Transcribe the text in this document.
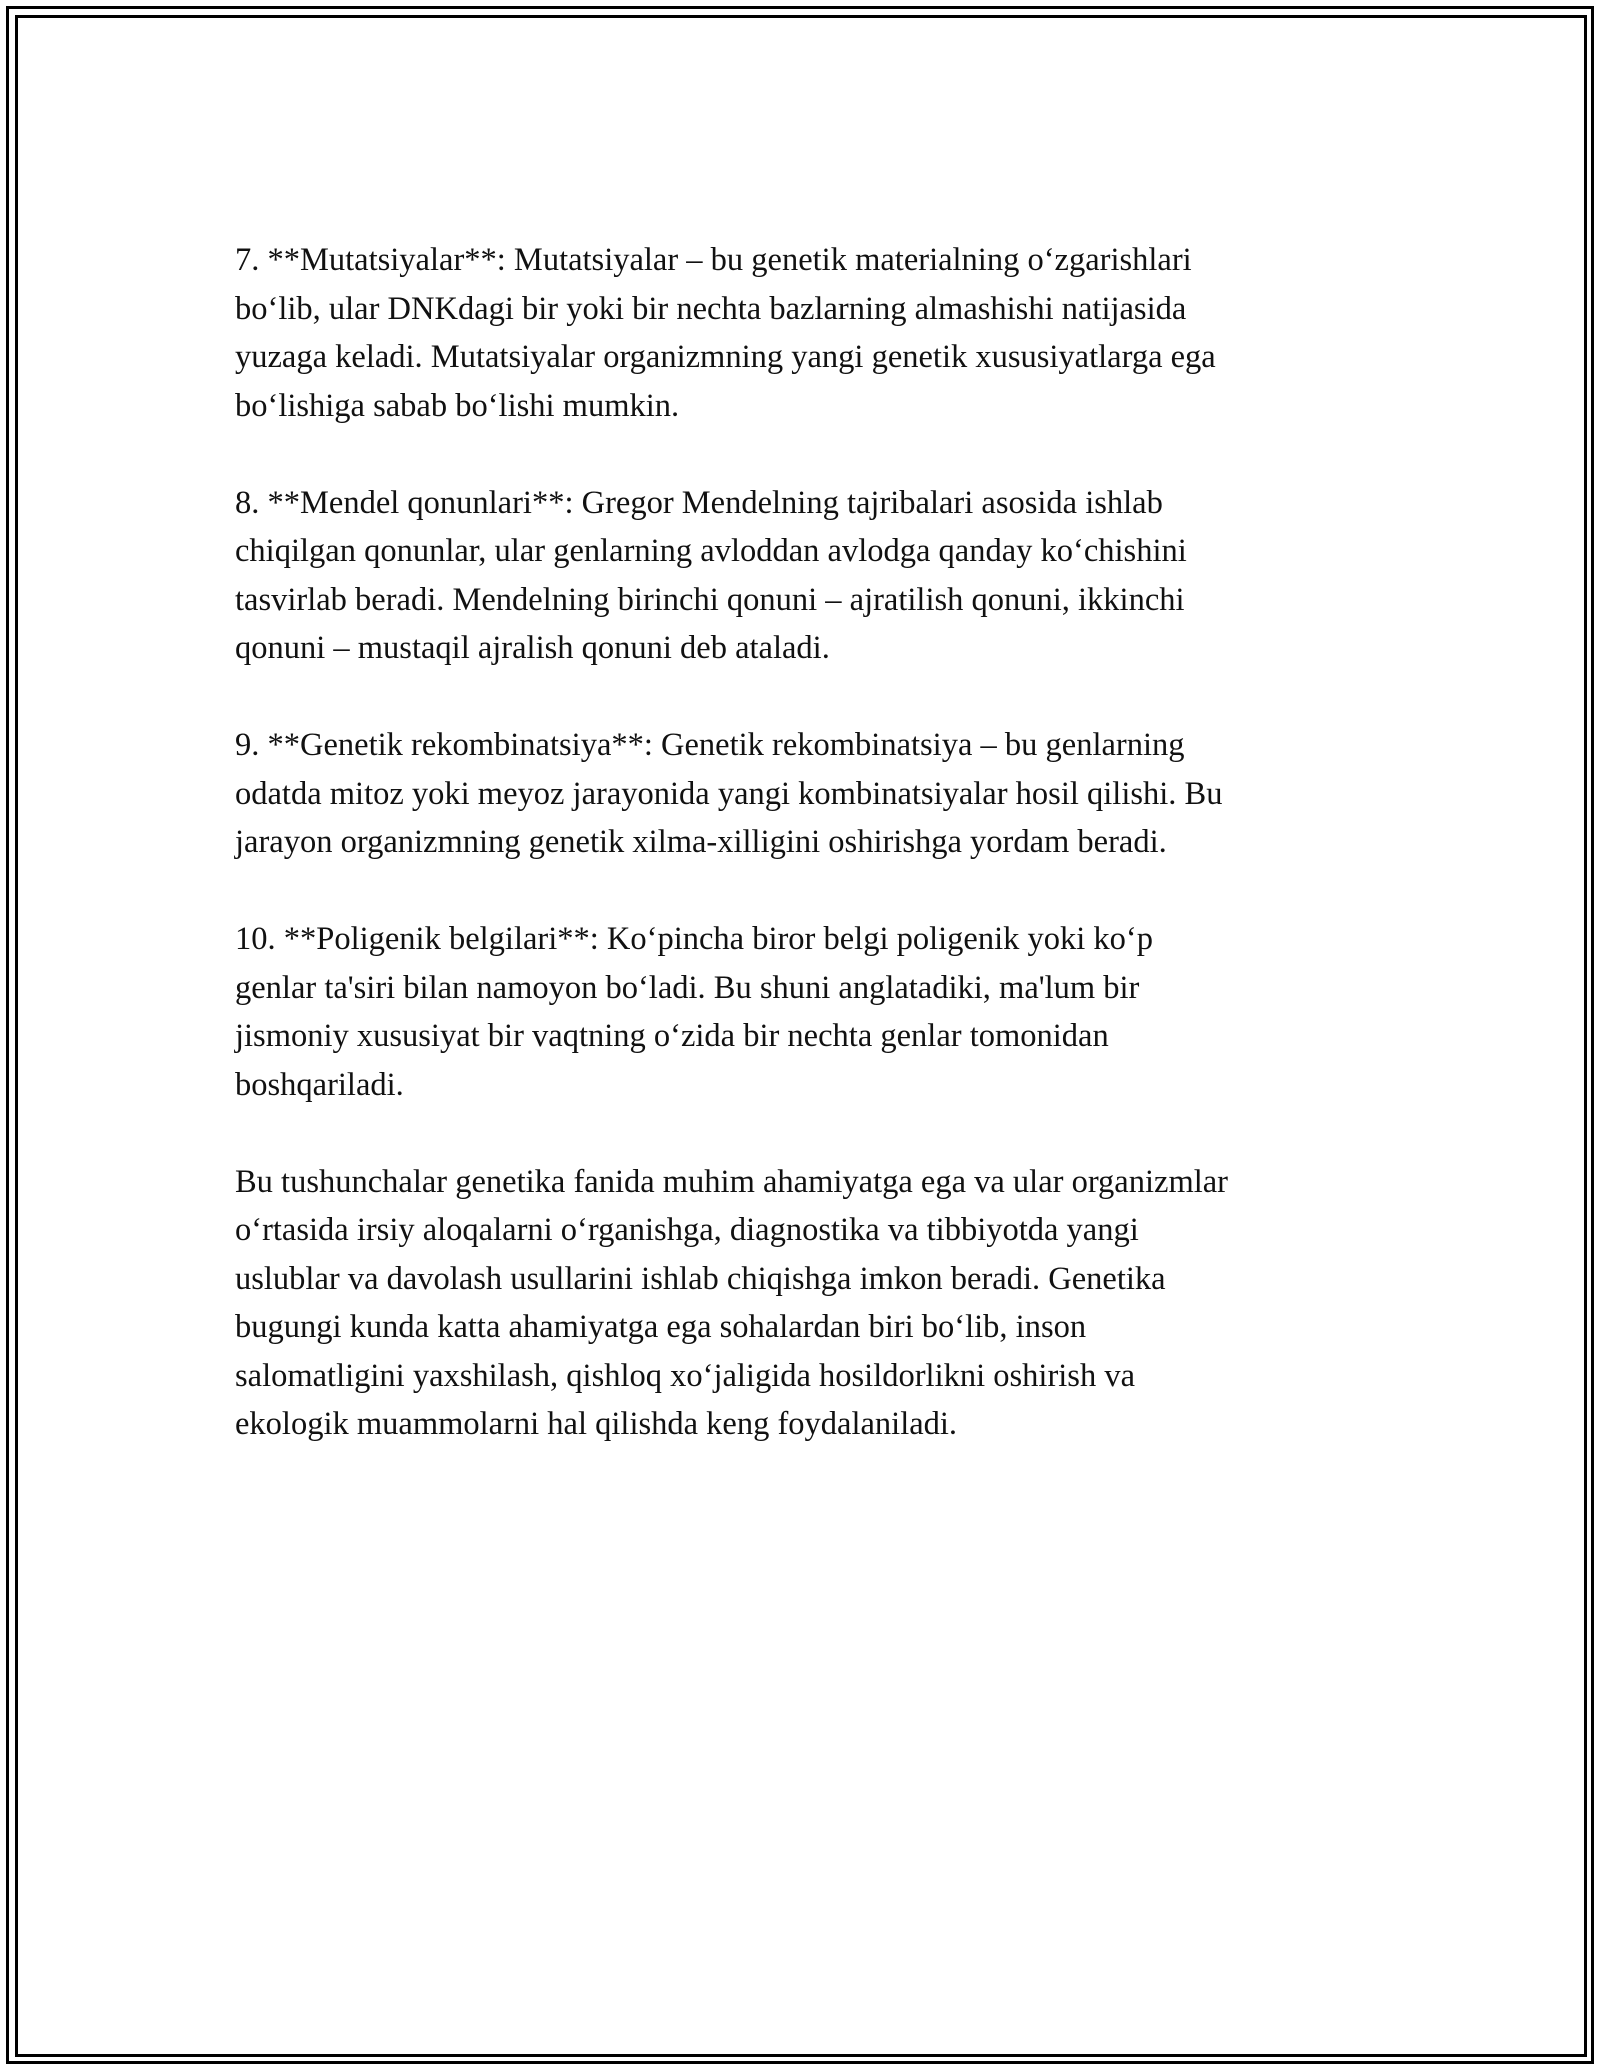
7. **Mutatsiyalar**: Mutatsiyalar – bu genetik materialning o‘zgarishlari
bo‘lib, ular DNKdagi bir yoki bir nechta bazlarning almashishi natijasida
yuzaga keladi. Mutatsiyalar organizmning yangi genetik xususiyatlarga ega
bo‘lishiga sabab bo‘lishi mumkin.

8. **Mendel qonunlari**: Gregor Mendelning tajribalari asosida ishlab
chiqilgan qonunlar, ular genlarning avloddan avlodga qanday ko‘chishini
tasvirlab beradi. Mendelning birinchi qonuni – ajratilish qonuni, ikkinchi
qonuni – mustaqil ajralish qonuni deb ataladi.

9. **Genetik rekombinatsiya**: Genetik rekombinatsiya – bu genlarning
odatda mitoz yoki meyoz jarayonida yangi kombinatsiyalar hosil qilishi. Bu
jarayon organizmning genetik xilma-xilligini oshirishga yordam beradi.

10. **Poligenik belgilari**: Ko‘pincha biror belgi poligenik yoki ko‘p
genlar ta'siri bilan namoyon bo‘ladi. Bu shuni anglatadiki, ma'lum bir
jismoniy xususiyat bir vaqtning o‘zida bir nechta genlar tomonidan
boshqariladi.

Bu tushunchalar genetika fanida muhim ahamiyatga ega va ular organizmlar
o‘rtasida irsiy aloqalarni o‘rganishga, diagnostika va tibbiyotda yangi
uslublar va davolash usullarini ishlab chiqishga imkon beradi. Genetika
bugungi kunda katta ahamiyatga ega sohalardan biri bo‘lib, inson
salomatligini yaxshilash, qishloq xo‘jaligida hosildorlikni oshirish va
ekologik muammolarni hal qilishda keng foydalaniladi.
